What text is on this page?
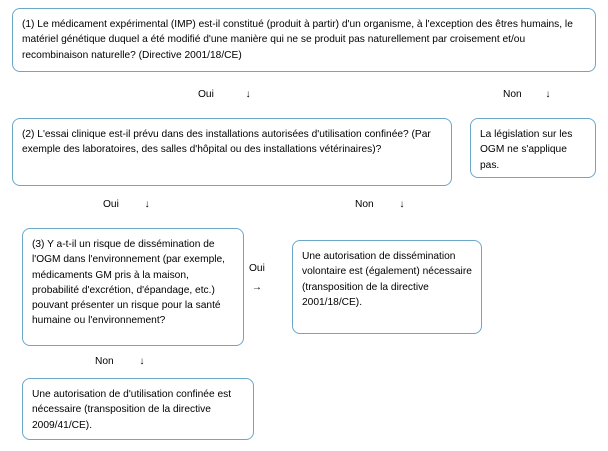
(1) Le médicament expérimental (IMP) est-il constitué (produit à partir) d'un organisme, à l'exception des êtres humains, le matériel génétique duquel a été modifié d'une manière qui ne se produit pas naturellement par croisement et/ou recombinaison naturelle? (Directive 2001/18/CE)
Oui	↓	Non ↓
(2) L'essai clinique est-il prévu dans des installations autorisées d'utilisation confinée? (Par exemple des laboratoires, des salles d'hôpital ou des installations vétérinaires)?
La législation sur les OGM ne s'applique pas.
Oui	↓	Non	↓
(3) Y a-t-il un risque de dissémination de l'OGM dans l'environnement (par exemple, médicaments GM pris à la maison, probabilité d'excrétion, d'épandage, etc.) pouvant présenter un risque pour la santé humaine ou l'environnement?
Oui
→
Une autorisation de dissémination volontaire est (également) nécessaire (transposition de la directive 2001/18/CE).
Non	↓
Une autorisation de d'utilisation confinée est nécessaire (transposition de la directive 2009/41/CE).
